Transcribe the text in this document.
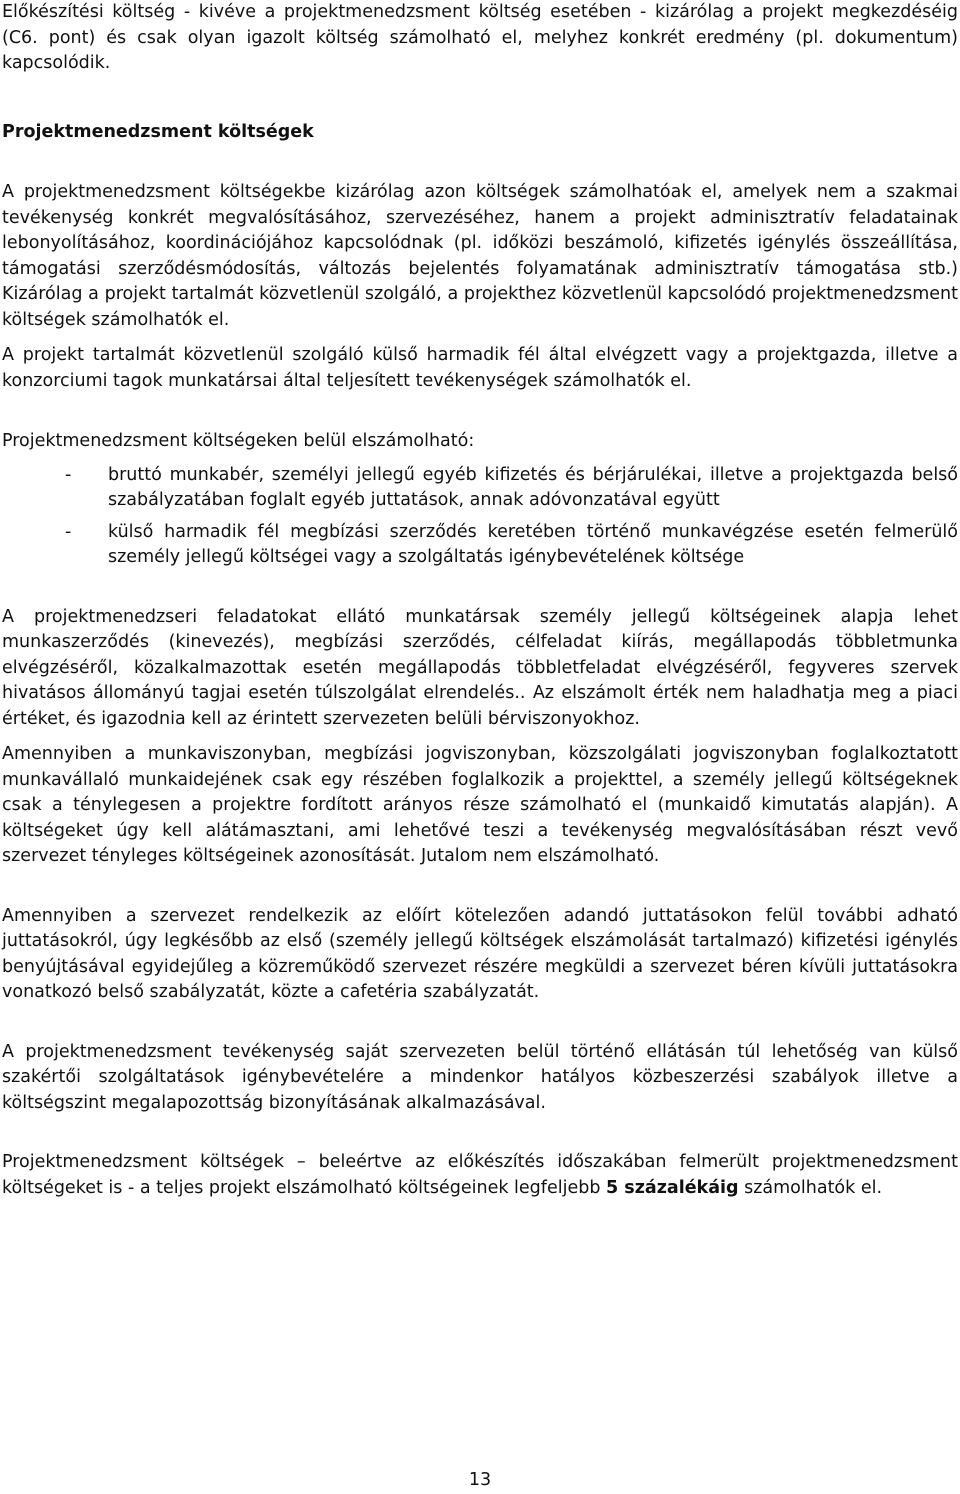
Előkészítési költség - kivéve a projektmenedzsment költség esetében - kizárólag a projekt megkezdéséig (C6. pont) és csak olyan igazolt költség számolható el, melyhez konkrét eredmény (pl. dokumentum) kapcsolódik.

Projektmenedzsment költségek

A projektmenedzsment költségekbe kizárólag azon költségek számolhatóak el, amelyek nem a szakmai tevékenység konkrét megvalósításához, szervezéséhez, hanem a projekt adminisztratív feladatainak lebonyolításához, koordinációjához kapcsolódnak (pl. időközi beszámoló, kifizetés igénylés összeállítása, támogatási szerződésmódosítás, változás bejelentés folyamatának adminisztratív támogatása stb.) Kizárólag a projekt tartalmát közvetlenül szolgáló, a projekthez közvetlenül kapcsolódó projektmenedzsment költségek számolhatók el.

A projekt tartalmát közvetlenül szolgáló külső harmadik fél által elvégzett vagy a projektgazda, illetve a konzorciumi tagok munkatársai által teljesített tevékenységek számolhatók el.

Projektmenedzsment költségeken belül elszámolható:

-	bruttó munkabér, személyi jellegű egyéb kifizetés és bérjárulékai, illetve a projektgazda belső szabályzatában foglalt egyéb juttatások, annak adóvonzatával együtt
-	külső harmadik fél megbízási szerződés keretében történő munkavégzése esetén felmerülő személy jellegű költségei vagy a szolgáltatás igénybevételének költsége

A projektmenedzseri feladatokat ellátó munkatársak személy jellegű költségeinek alapja lehet munkaszerződés (kinevezés), megbízási szerződés, célfeladat kiírás, megállapodás többletmunka elvégzéséről, közalkalmazottak esetén megállapodás többletfeladat elvégzéséről, fegyveres szervek hivatásos állományú tagjai esetén túlszolgálat elrendelés.. Az elszámolt érték nem haladhatja meg a piaci értéket, és igazodnia kell az érintett szervezeten belüli bérviszonyokhoz.

Amennyiben a munkaviszonyban, megbízási jogviszonyban, közszolgálati jogviszonyban foglalkoztatott munkavállaló munkaidejének csak egy részében foglalkozik a projekttel, a személy jellegű költségeknek csak a ténylegesen a projektre fordított arányos része számolható el (munkaidő kimutatás alapján). A költségeket úgy kell alátámasztani, ami lehetővé teszi a tevékenység megvalósításában részt vevő szervezet tényleges költségeinek azonosítását. Jutalom nem elszámolható.

Amennyiben a szervezet rendelkezik az előírt kötelezően adandó juttatásokon felül további adható juttatásokról, úgy legkésőbb az első (személy jellegű költségek elszámolását tartalmazó) kifizetési igénylés benyújtásával egyidejűleg a közreműködő szervezet részére megküldi a szervezet béren kívüli juttatásokra vonatkozó belső szabályzatát, közte a cafetéria szabályzatát.

A projektmenedzsment tevékenység saját szervezeten belül történő ellátásán túl lehetőség van külső szakértői szolgáltatások igénybevételére a mindenkor hatályos közbeszerzési szabályok illetve a költségszint megalapozottság bizonyításának alkalmazásával.

Projektmenedzsment költségek – beleértve az előkészítés időszakában felmerült projektmenedzsment költségeket is - a teljes projekt elszámolható költségeinek legfeljebb 5 százalékáig számolhatók el.

13
